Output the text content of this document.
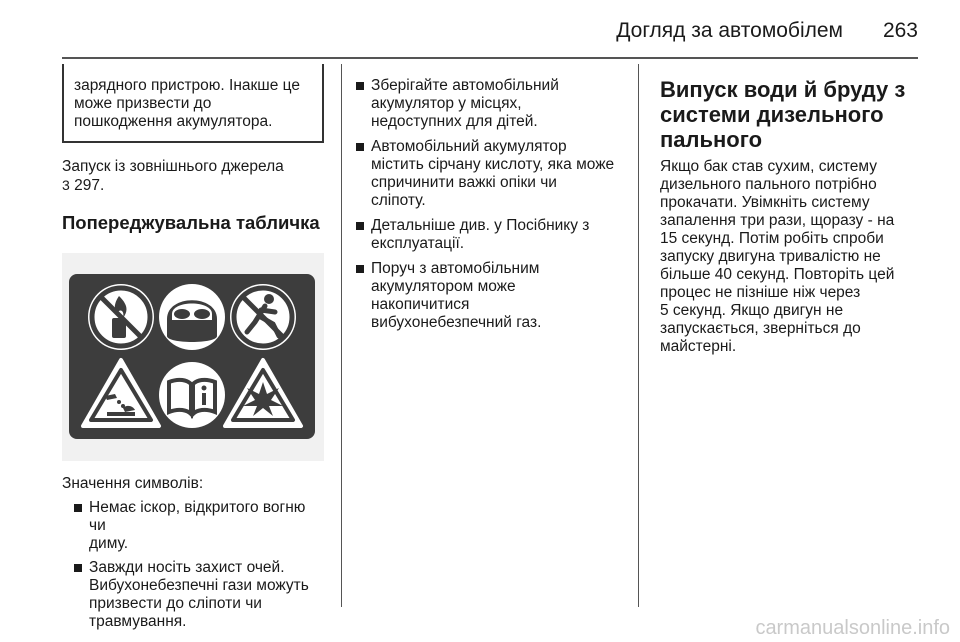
Догляд за автомобілем	263

зарядного пристрою. Інакше це
може призвести до
пошкодження акумулятора.

Запуск із зовнішнього джерела
3 297.

Попереджувальна табличка

Значення символів:

Немає іскор, відкритого вогню чи
диму.
Завжди носіть захист очей.
Вибухонебезпечні гази можуть
призвести до сліпоти чи
травмування.
Зберігайте автомобільний
акумулятор у місцях,
недоступних для дітей.
Автомобільний акумулятор
містить сірчану кислоту, яка може
спричинити важкі опіки чи
сліпоту.
Детальніше див. у Посібнику з
експлуатації.
Поруч з автомобільним
акумулятором може
накопичитися
вибухонебезпечний газ.
Випуск води й бруду з
системи дизельного
пального

Якщо бак став сухим, систему
дизельного пального потрібно
прокачати. Увімкніть систему
запалення три рази, щоразу - на
15 секунд. Потім робіть спроби
запуску двигуна тривалістю не
більше 40 секунд. Повторіть цей
процес не пізніше ніж через
5 секунд. Якщо двигун не
запускається, зверніться до
майстерні.

carmanualsonline.info
